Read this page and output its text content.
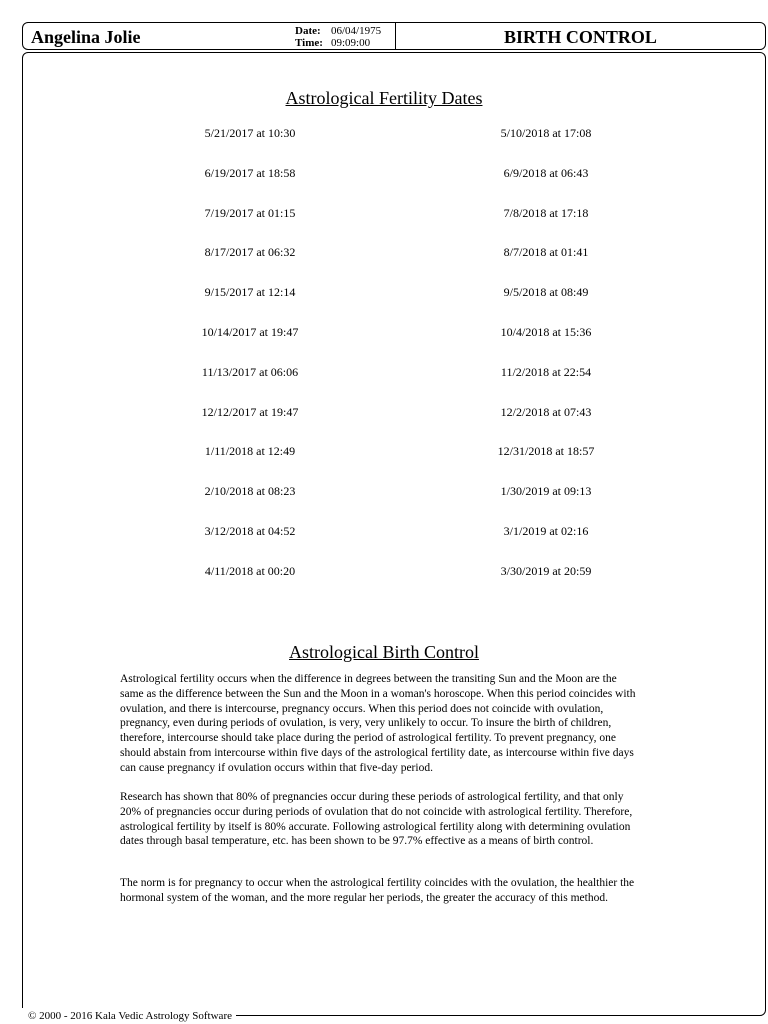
Angelina Jolie	Date: 06/04/1975
Time: 09:09:00	BIRTH CONTROL
Astrological Fertility Dates
5/21/2017 at 10:30	5/10/2018 at 17:08
6/19/2017 at 18:58	6/9/2018 at 06:43
7/19/2017 at 01:15	7/8/2018 at 17:18
8/17/2017 at 06:32	8/7/2018 at 01:41
9/15/2017 at 12:14	9/5/2018 at 08:49
10/14/2017 at 19:47	10/4/2018 at 15:36
11/13/2017 at 06:06	11/2/2018 at 22:54
12/12/2017 at 19:47	12/2/2018 at 07:43
1/11/2018 at 12:49	12/31/2018 at 18:57
2/10/2018 at 08:23	1/30/2019 at 09:13
3/12/2018 at 04:52	3/1/2019 at 02:16
4/11/2018 at 00:20	3/30/2019 at 20:59
Astrological Birth Control
Astrological fertility occurs when the difference in degrees between the transiting Sun and the Moon are the same as the difference between the Sun and the Moon in a woman's horoscope. When this period coincides with ovulation, and there is intercourse, pregnancy occurs. When this period does not coincide with ovulation, pregnancy, even during periods of ovulation, is very, very unlikely to occur. To insure the birth of children, therefore, intercourse should take place during the period of astrological fertility. To prevent pregnancy, one should abstain from intercourse within five days of the astrological fertility date, as intercourse within five days can cause pregnancy if ovulation occurs within that five-day period.
Research has shown that 80% of pregnancies occur during these periods of astrological fertility, and that only 20% of pregnancies occur during periods of ovulation that do not coincide with astrological fertility. Therefore, astrological fertility by itself is 80% accurate. Following astrological fertility along with determining ovulation dates through basal temperature, etc. has been shown to be 97.7% effective as a means of birth control.
The norm is for pregnancy to occur when the astrological fertility coincides with the ovulation, the healthier the hormonal system of the woman, and the more regular her periods, the greater the accuracy of this method.
© 2000 - 2016 Kala Vedic Astrology Software
